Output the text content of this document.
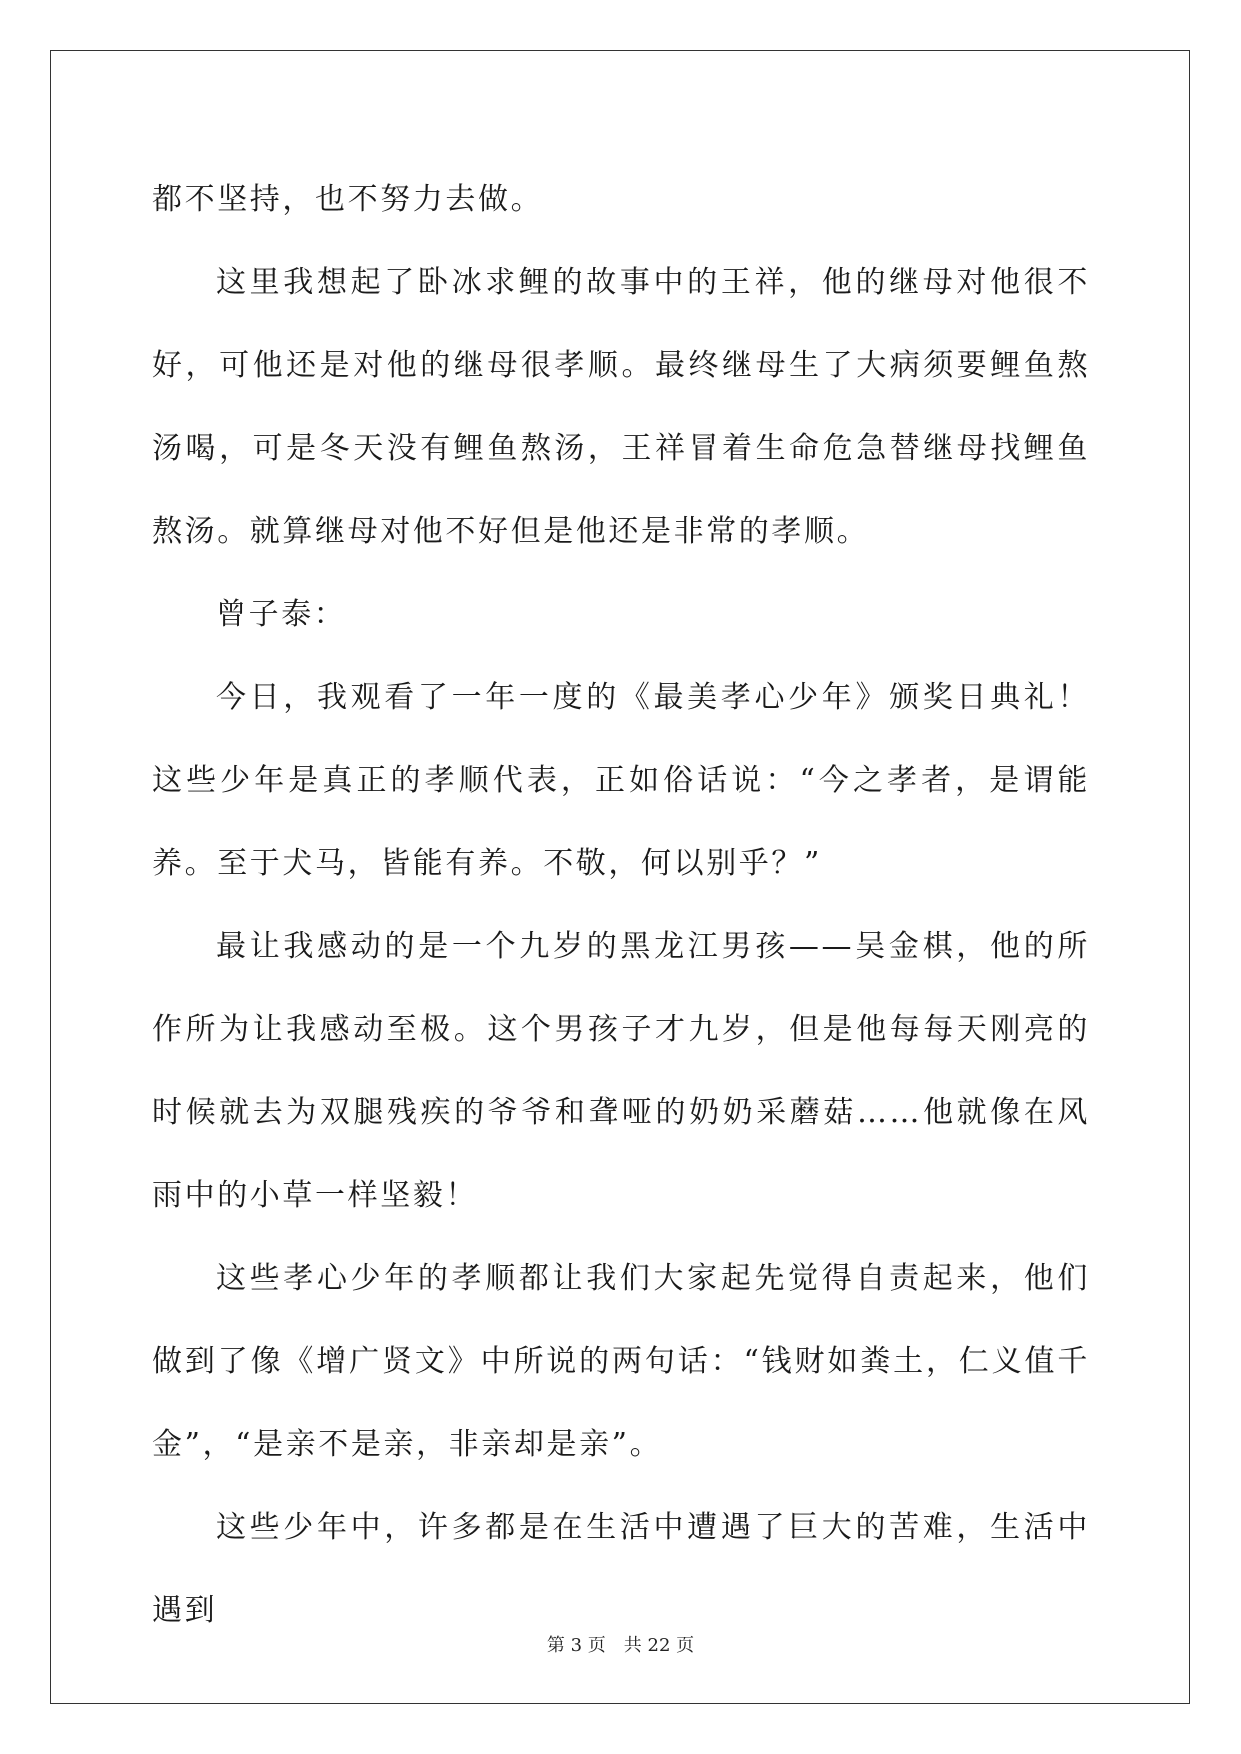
都不坚持，也不努力去做。

这里我想起了卧冰求鲤的故事中的王祥，他的继母对他很不好，可他还是对他的继母很孝顺。最终继母生了大病须要鲤鱼熬汤喝，可是冬天没有鲤鱼熬汤，王祥冒着生命危急替继母找鲤鱼熬汤。就算继母对他不好但是他还是非常的孝顺。

曾子泰：

今日，我观看了一年一度的《最美孝心少年》颁奖日典礼！这些少年是真正的孝顺代表，正如俗话说：“今之孝者，是谓能养。至于犬马，皆能有养。不敬，何以别乎？”

最让我感动的是一个九岁的黑龙江男孩——吴金棋，他的所作所为让我感动至极。这个男孩子才九岁，但是他每每天刚亮的时候就去为双腿残疾的爷爷和聋哑的奶奶采蘑菇……他就像在风雨中的小草一样坚毅！

这些孝心少年的孝顺都让我们大家起先觉得自责起来，他们做到了像《增广贤文》中所说的两句话：“钱财如粪土，仁义值千金”，“是亲不是亲，非亲却是亲”。

这些少年中，许多都是在生活中遭遇了巨大的苦难，生活中遇到

第 3 页　共 22 页
